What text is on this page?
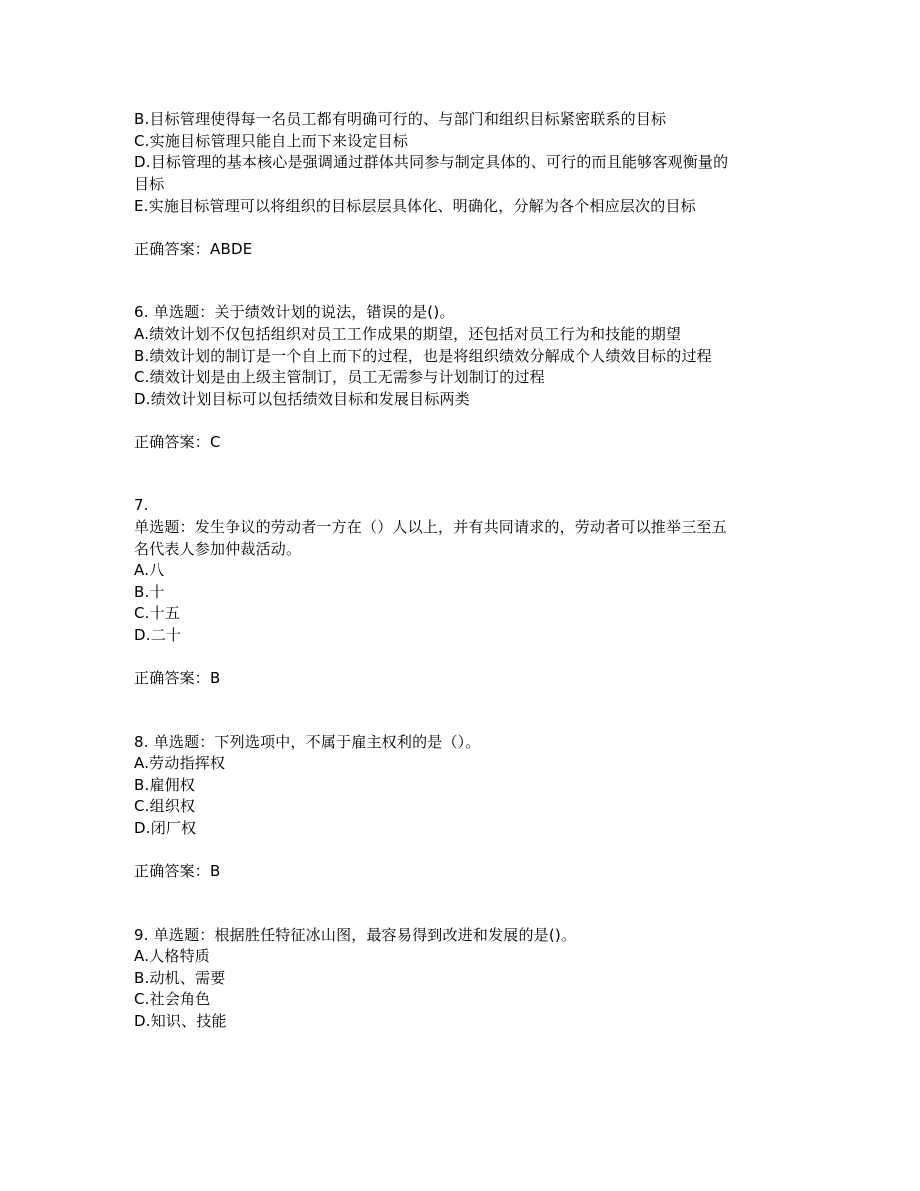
B.目标管理使得每一名员工都有明确可行的、与部门和组织目标紧密联系的目标
C.实施目标管理只能自上而下来设定目标
D.目标管理的基本核心是强调通过群体共同参与制定具体的、可行的而且能够客观衡量的
目标
E.实施目标管理可以将组织的目标层层具体化、明确化，分解为各个相应层次的目标
正确答案：ABDE
6. 单选题：关于绩效计划的说法，错误的是()。
A.绩效计划不仅包括组织对员工工作成果的期望，还包括对员工行为和技能的期望
B.绩效计划的制订是一个自上而下的过程，也是将组织绩效分解成个人绩效目标的过程
C.绩效计划是由上级主管制订，员工无需参与计划制订的过程
D.绩效计划目标可以包括绩效目标和发展目标两类
正确答案：C
7.
单选题：发生争议的劳动者一方在（）人以上，并有共同请求的，劳动者可以推举三至五
名代表人参加仲裁活动。
A.八
B.十
C.十五
D.二十
正确答案：B
8. 单选题：下列选项中，不属于雇主权利的是（）。
A.劳动指挥权
B.雇佣权
C.组织权
D.闭厂权
正确答案：B
9. 单选题：根据胜任特征冰山图，最容易得到改进和发展的是()。
A.人格特质
B.动机、需要
C.社会角色
D.知识、技能
